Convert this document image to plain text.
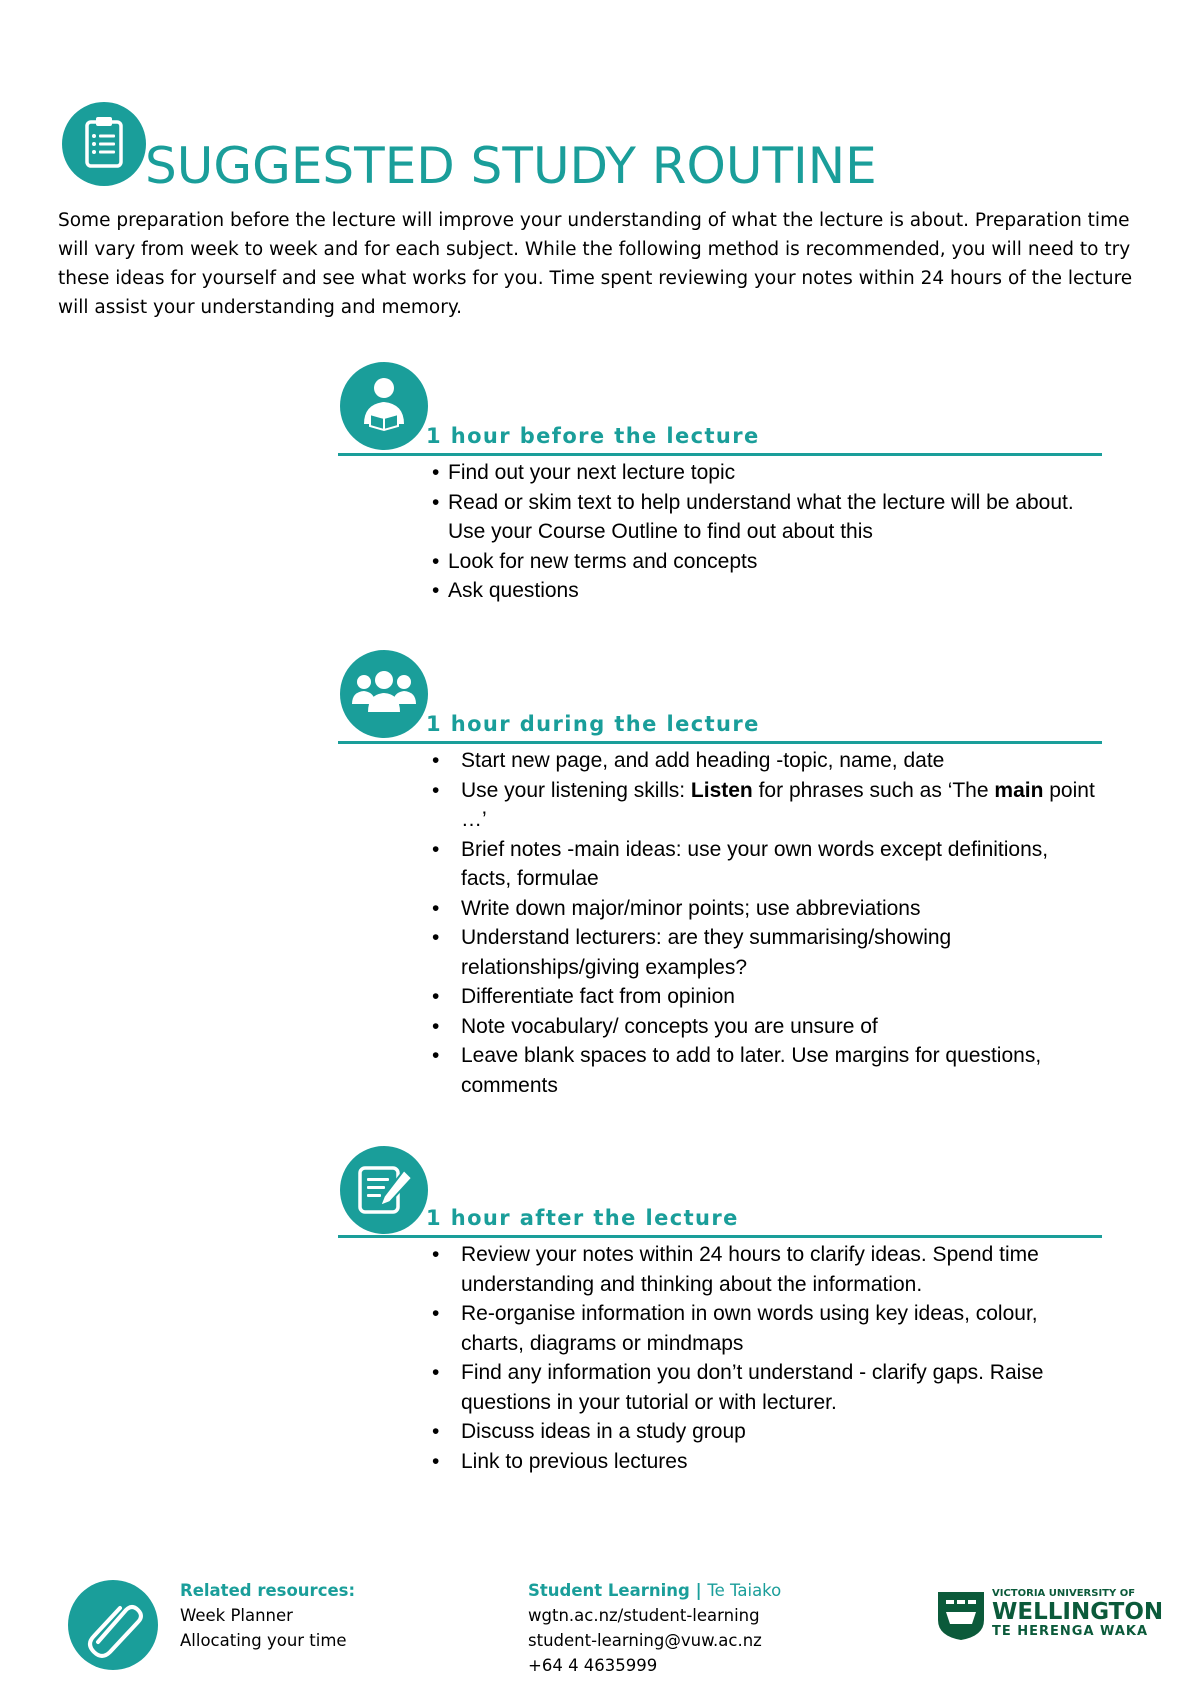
SUGGESTED STUDY ROUTINE
Some preparation before the lecture will improve your understanding of what the lecture is about. Preparation time will vary from week to week and for each subject. While the following method is recommended, you will need to try these ideas for yourself and see what works for you. Time spent reviewing your notes within 24 hours of the lecture will assist your understanding and memory.
1 hour before the lecture
• Find out your next lecture topic
• Read or skim text to help understand what the lecture will be about. Use your Course Outline to find out about this
• Look for new terms and concepts
• Ask questions
1 hour during the lecture
• Start new page, and add heading -topic, name, date
• Use your listening skills: Listen for phrases such as ‘The main point …’
• Brief notes -main ideas: use your own words except definitions, facts, formulae
• Write down major/minor points; use abbreviations
• Understand lecturers: are they summarising/showing relationships/giving examples?
• Differentiate fact from opinion
• Note vocabulary/ concepts you are unsure of
• Leave blank spaces to add to later. Use margins for questions, comments
1 hour after the lecture
• Review your notes within 24 hours to clarify ideas. Spend time understanding and thinking about the information.
• Re-organise information in own words using key ideas, colour, charts, diagrams or mindmaps
• Find any information you don’t understand - clarify gaps. Raise questions in your tutorial or with lecturer.
• Discuss ideas in a study group
• Link to previous lectures
Related resources:
Week Planner
Allocating your time
Student Learning | Te Taiako
wgtn.ac.nz/student-learning
student-learning@vuw.ac.nz
+64 4 4635999
VICTORIA UNIVERSITY OF
WELLINGTON
TE HERENGA WAKA
